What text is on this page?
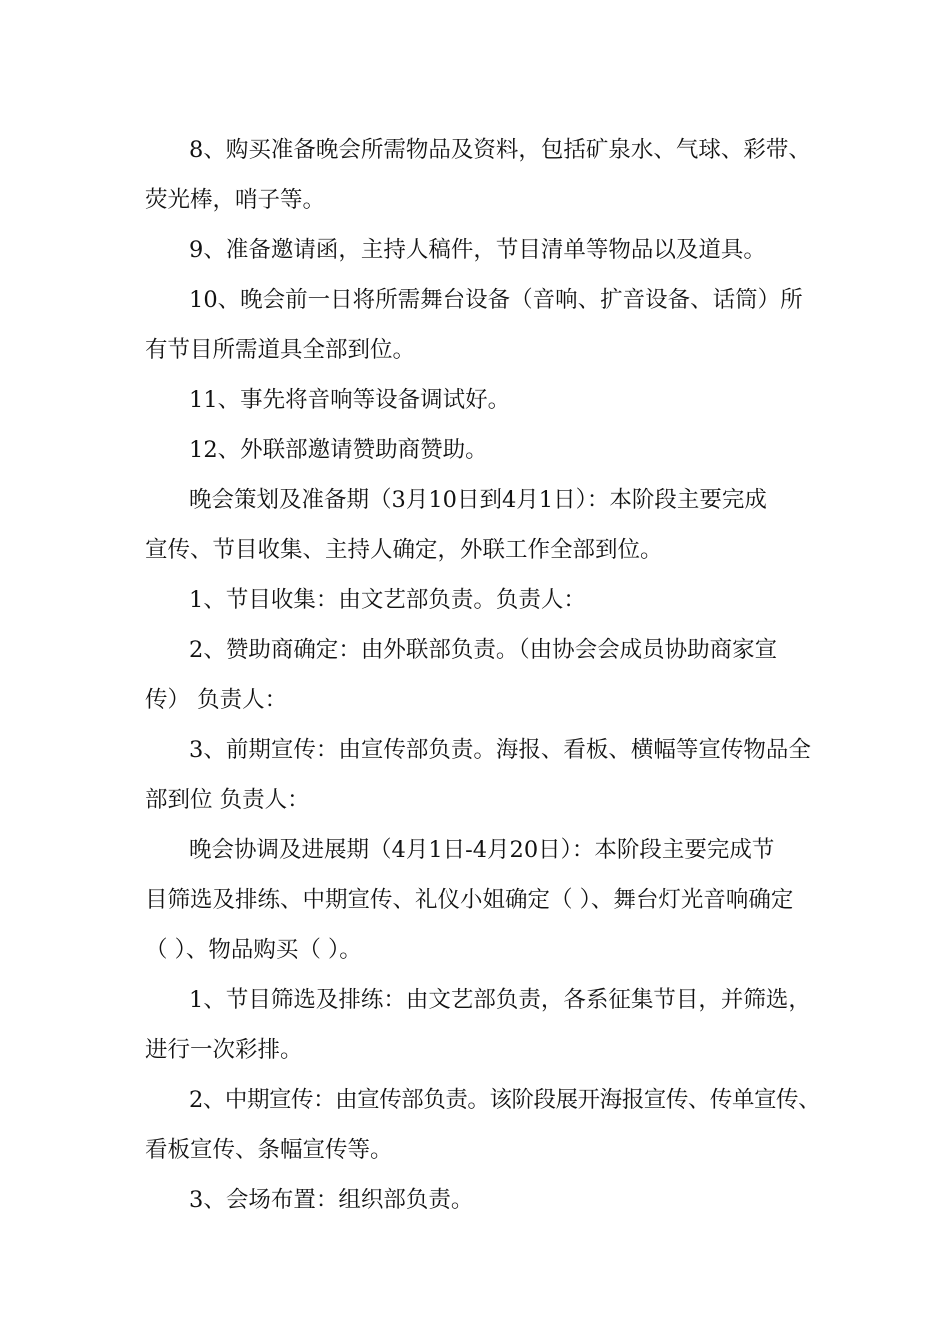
8、购买准备晚会所需物品及资料，包括矿泉水、气球、彩带、
荧光棒，哨子等。
9、准备邀请函，主持人稿件，节目清单等物品以及道具。
10、晚会前一日将所需舞台设备（音响、扩音设备、话筒）所
有节目所需道具全部到位。
11、事先将音响等设备调试好。
12、外联部邀请赞助商赞助。
晚会策划及准备期（3月10日到4月1日）：本阶段主要完成
宣传、节目收集、主持人确定，外联工作全部到位。
1、节目收集：由文艺部负责。负责人：
2、赞助商确定：由外联部负责。（由协会会成员协助商家宣
传） 负责人：
3、前期宣传：由宣传部负责。海报、看板、横幅等宣传物品全
部到位 负责人：
晚会协调及进展期（4月1日-4月20日）：本阶段主要完成节
目筛选及排练、中期宣传、礼仪小姐确定（ ）、舞台灯光音响确定
（ ）、物品购买（ ）。
1、节目筛选及排练：由文艺部负责，各系征集节目，并筛选，
进行一次彩排。
2、中期宣传：由宣传部负责。该阶段展开海报宣传、传单宣传、
看板宣传、条幅宣传等。
3、会场布置：组织部负责。
